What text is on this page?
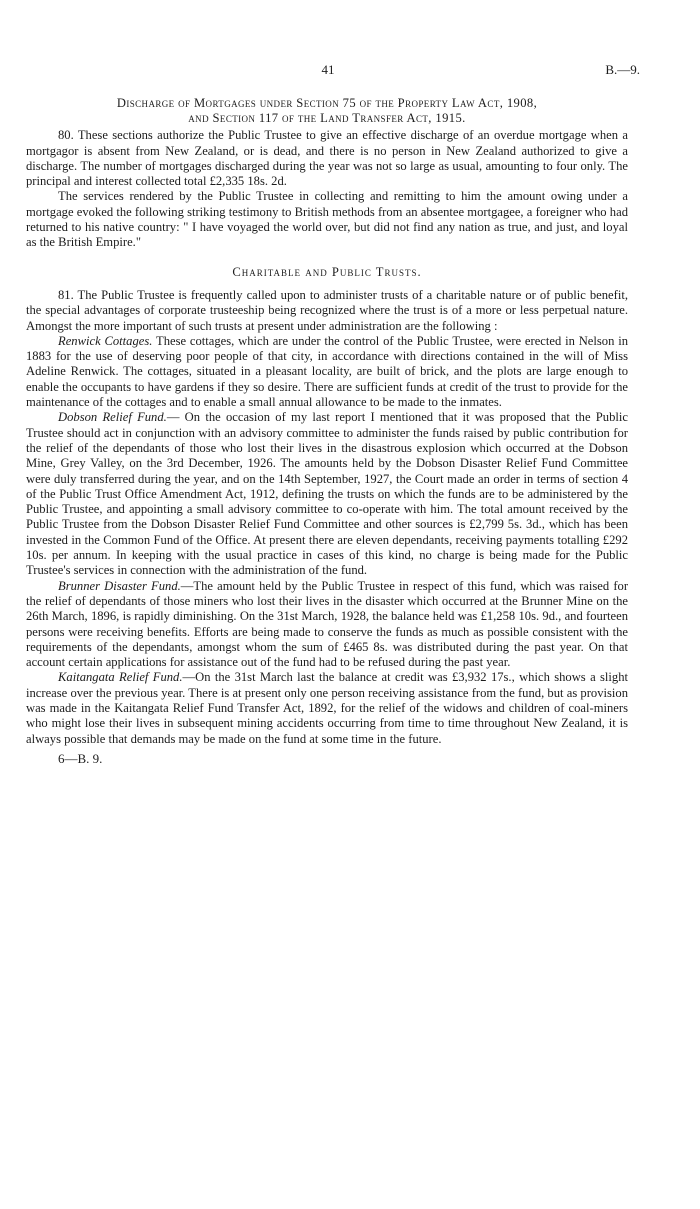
41	B.—9.
Discharge of Mortgages under Section 75 of the Property Law Act, 1908,
and Section 117 of the Land Transfer Act, 1915.

80. These sections authorize the Public Trustee to give an effective discharge of an overdue mortgage when a mortgagor is absent from New Zealand, or is dead, and there is no person in New Zealand authorized to give a discharge. The number of mortgages discharged during the year was not so large as usual, amounting to four only. The principal and interest collected total £2,335 18s. 2d.

The services rendered by the Public Trustee in collecting and remitting to him the amount owing under a mortgage evoked the following striking testimony to British methods from an absentee mortgagee, a foreigner who had returned to his native country: " I have voyaged the world over, but did not find any nation as true, and just, and loyal as the British Empire."

Charitable and Public Trusts.

81. The Public Trustee is frequently called upon to administer trusts of a charitable nature or of public benefit, the special advantages of corporate trusteeship being recognized where the trust is of a more or less perpetual nature. Amongst the more important of such trusts at present under administration are the following :

Renwick Cottages. These cottages, which are under the control of the Public Trustee, were erected in Nelson in 1883 for the use of deserving poor people of that city, in accordance with directions contained in the will of Miss Adeline Renwick. The cottages, situated in a pleasant locality, are built of brick, and the plots are large enough to enable the occupants to have gardens if they so desire. There are sufficient funds at credit of the trust to provide for the maintenance of the cottages and to enable a small annual allowance to be made to the inmates.

Dobson Relief Fund.— On the occasion of my last report I mentioned that it was proposed that the Public Trustee should act in conjunction with an advisory committee to administer the funds raised by public contribution for the relief of the dependants of those who lost their lives in the disastrous explosion which occurred at the Dobson Mine, Grey Valley, on the 3rd December, 1926. The amounts held by the Dobson Disaster Relief Fund Committee were duly transferred during the year, and on the 14th September, 1927, the Court made an order in terms of section 4 of the Public Trust Office Amendment Act, 1912, defining the trusts on which the funds are to be administered by the Public Trustee, and appointing a small advisory committee to co-operate with him. The total amount received by the Public Trustee from the Dobson Disaster Relief Fund Committee and other sources is £2,799 5s. 3d., which has been invested in the Common Fund of the Office. At present there are eleven dependants, receiving payments totalling £292 10s. per annum. In keeping with the usual practice in cases of this kind, no charge is being made for the Public Trustee's services in connection with the administration of the fund.

Brunner Disaster Fund.—The amount held by the Public Trustee in respect of this fund, which was raised for the relief of dependants of those miners who lost their lives in the disaster which occurred at the Brunner Mine on the 26th March, 1896, is rapidly diminishing. On the 31st March, 1928, the balance held was £1,258 10s. 9d., and fourteen persons were receiving benefits. Efforts are being made to conserve the funds as much as possible consistent with the requirements of the dependants, amongst whom the sum of £465 8s. was distributed during the past year. On that account certain applications for assistance out of the fund had to be refused during the past year.

Kaitangata Relief Fund.—On the 31st March last the balance at credit was £3,932 17s., which shows a slight increase over the previous year. There is at present only one person receiving assistance from the fund, but as provision was made in the Kaitangata Relief Fund Transfer Act, 1892, for the relief of the widows and children of coal-miners who might lose their lives in subsequent mining accidents occurring from time to time throughout New Zealand, it is always possible that demands may be made on the fund at some time in the future.

6—B. 9.
